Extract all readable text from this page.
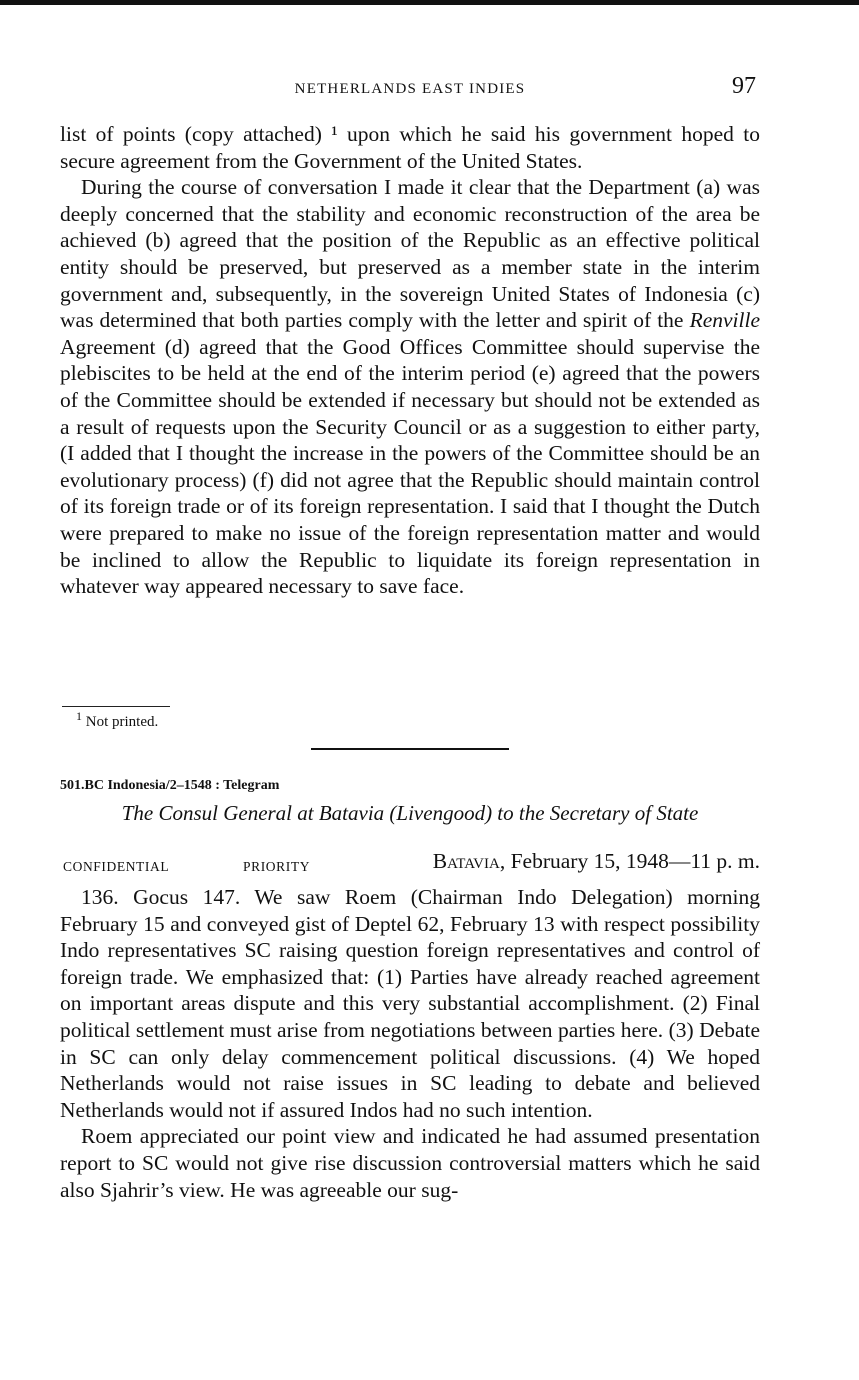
NETHERLANDS EAST INDIES	97

list of points (copy attached) ¹ upon which he said his government hoped to secure agreement from the Government of the United States.

During the course of conversation I made it clear that the Department (a) was deeply concerned that the stability and economic reconstruction of the area be achieved (b) agreed that the position of the Republic as an effective political entity should be preserved, but preserved as a member state in the interim government and, subsequently, in the sovereign United States of Indonesia (c) was determined that both parties comply with the letter and spirit of the Renville Agreement (d) agreed that the Good Offices Committee should supervise the plebiscites to be held at the end of the interim period (e) agreed that the powers of the Committee should be extended if necessary but should not be extended as a result of requests upon the Security Council or as a suggestion to either party, (I added that I thought the increase in the powers of the Committee should be an evolutionary process) (f) did not agree that the Republic should maintain control of its foreign trade or of its foreign representation. I said that I thought the Dutch were prepared to make no issue of the foreign representation matter and would be inclined to allow the Republic to liquidate its foreign representation in whatever way appeared necessary to save face.

$^1$ Not printed.
501.BC Indonesia/2–1548 : Telegram
The Consul General at Batavia (Livengood) to the Secretary of State
CONFIDENTIAL	PRIORITY	Batavia, February 15, 1948—11 p. m.

136. Gocus 147. We saw Roem (Chairman Indo Delegation) morning February 15 and conveyed gist of Deptel 62, February 13 with respect possibility Indo representatives SC raising question foreign representatives and control of foreign trade. We emphasized that: (1) Parties have already reached agreement on important areas dispute and this very substantial accomplishment. (2) Final political settlement must arise from negotiations between parties here. (3) Debate in SC can only delay commencement political discussions. (4) We hoped Netherlands would not raise issues in SC leading to debate and believed Netherlands would not if assured Indos had no such intention.

Roem appreciated our point view and indicated he had assumed presentation report to SC would not give rise discussion controversial matters which he said also Sjahrir’s view. He was agreeable our sug-
